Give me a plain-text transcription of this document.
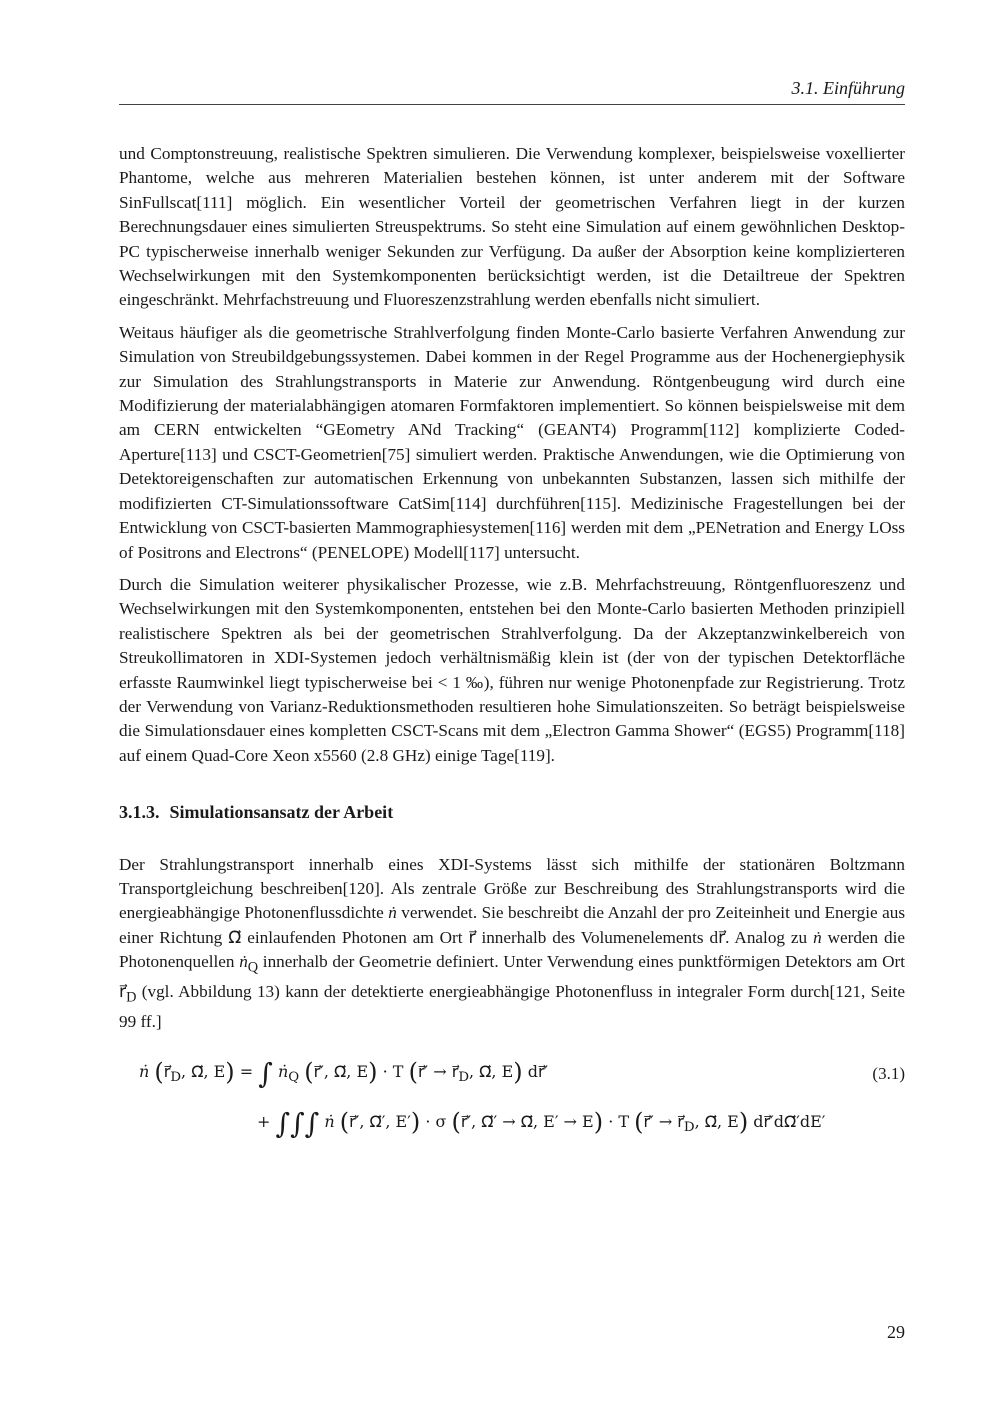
3.1. Einführung

und Comptonstreuung, realistische Spektren simulieren. Die Verwendung komplexer, beispielsweise voxellierter Phantome, welche aus mehreren Materialien bestehen können, ist unter anderem mit der Software SinFullscat[111] möglich. Ein wesentlicher Vorteil der geometrischen Verfahren liegt in der kurzen Berechnungsdauer eines simulierten Streuspektrums. So steht eine Simulation auf einem gewöhnlichen Desktop-PC typischerweise innerhalb weniger Sekunden zur Verfügung. Da außer der Absorption keine komplizierteren Wechselwirkungen mit den Systemkomponenten berücksichtigt werden, ist die Detailtreue der Spektren eingeschränkt. Mehrfachstreuung und Fluoreszenzstrahlung werden ebenfalls nicht simuliert.

Weitaus häufiger als die geometrische Strahlverfolgung finden Monte-Carlo basierte Verfahren Anwendung zur Simulation von Streubildgebungssystemen. Dabei kommen in der Regel Programme aus der Hochenergiephysik zur Simulation des Strahlungstransports in Materie zur Anwendung. Röntgenbeugung wird durch eine Modifizierung der materialabhängigen atomaren Formfaktoren implementiert. So können beispielsweise mit dem am CERN entwickelten “GEometry ANd Tracking“ (GEANT4) Programm[112] komplizierte Coded-Aperture[113] und CSCT-Geometrien[75] simuliert werden. Praktische Anwendungen, wie die Optimierung von Detektoreigenschaften zur automatischen Erkennung von unbekannten Substanzen, lassen sich mithilfe der modifizierten CT-Simulationssoftware CatSim[114] durchführen[115]. Medizinische Fragestellungen bei der Entwicklung von CSCT-basierten Mammographiesystemen[116] werden mit dem „PENetration and Energy LOss of Positrons and Electrons“ (PENELOPE) Modell[117] untersucht.

Durch die Simulation weiterer physikalischer Prozesse, wie z.B. Mehrfachstreuung, Röntgenfluoreszenz und Wechselwirkungen mit den Systemkomponenten, entstehen bei den Monte-Carlo basierten Methoden prinzipiell realistischere Spektren als bei der geometrischen Strahlverfolgung. Da der Akzeptanzwinkelbereich von Streukollimatoren in XDI-Systemen jedoch verhältnismäßig klein ist (der von der typischen Detektorfläche erfasste Raumwinkel liegt typischerweise bei < 1 ‰), führen nur wenige Photonenpfade zur Registrierung. Trotz der Verwendung von Varianz-Reduktionsmethoden resultieren hohe Simulationszeiten. So beträgt beispielsweise die Simulationsdauer eines kompletten CSCT-Scans mit dem „Electron Gamma Shower“ (EGS5) Programm[118] auf einem Quad-Core Xeon x5560 (2.8 GHz) einige Tage[119].

3.1.3. Simulationsansatz der Arbeit

Der Strahlungstransport innerhalb eines XDI-Systems lässt sich mithilfe der stationären Boltzmann Transportgleichung beschreiben[120]. Als zentrale Größe zur Beschreibung des Strahlungstransports wird die energieabhängige Photonenflussdichte ṅ verwendet. Sie beschreibt die Anzahl der pro Zeiteinheit und Energie aus einer Richtung Ω⃗ einlaufenden Photonen am Ort r⃗ innerhalb des Volumenelements dr⃗. Analog zu ṅ werden die Photonenquellen ṅ$_Q$ innerhalb der Geometrie definiert. Unter Verwendung eines punktförmigen Detektors am Ort $r⃗_D$ (vgl. Abbildung 13) kann der detektierte energieabhängige Photonenfluss in integraler Form durch[121, Seite 99 ff.]

ṅ ($r⃗_D$, Ω⃗, E) = ∫ ṅ$_Q$ (r⃗′, Ω⃗, E) · T (r⃗′ → $r⃗_D$, Ω⃗, E) dr⃗′	(3.1)
+ ∫∫∫ ṅ (r⃗′, Ω⃗′, E′) · σ (r⃗′, Ω⃗′ → Ω⃗, E′ → E) · T (r⃗′ → $r⃗_D$, Ω⃗, E) dr⃗′dΩ⃗′dE′
29
